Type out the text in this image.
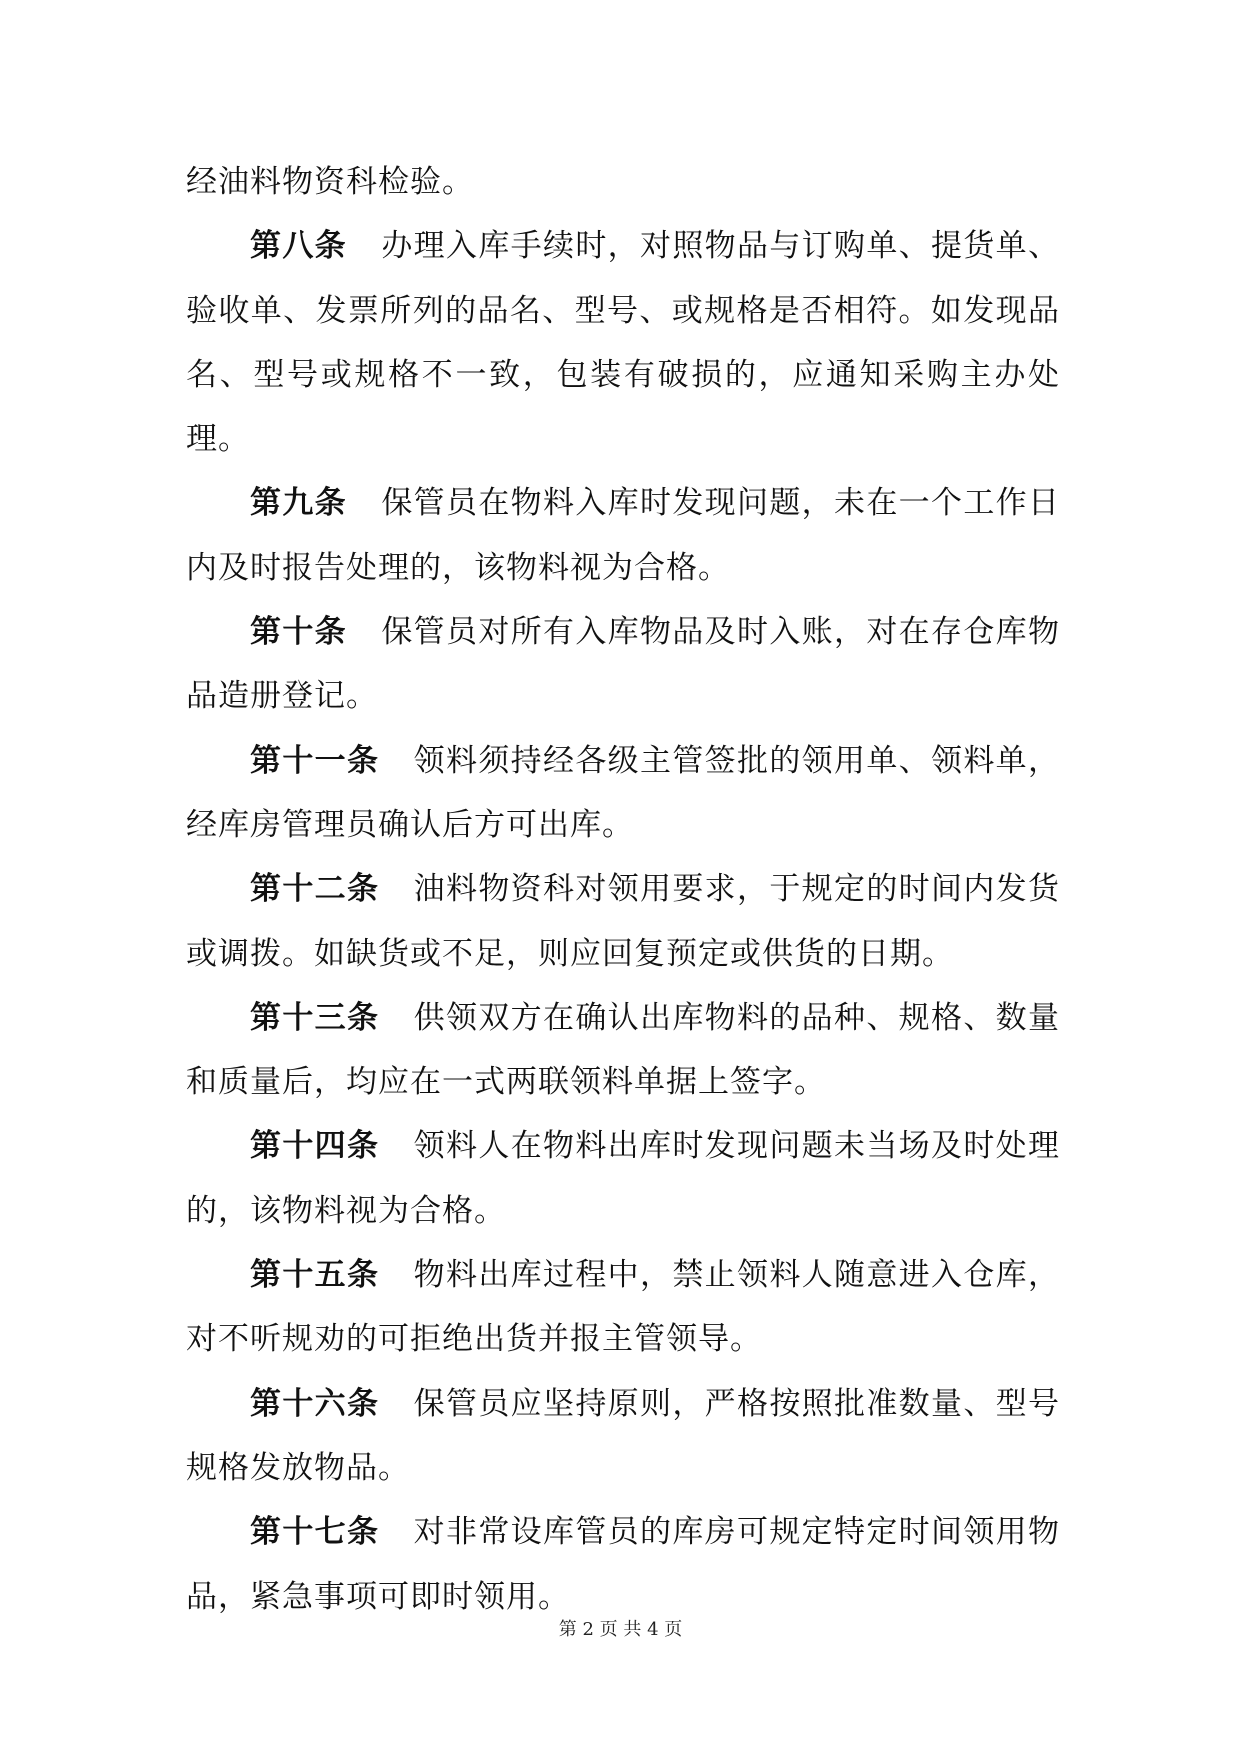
经油料物资科检验。

第八条 办理入库手续时，对照物品与订购单、提货单、验收单、发票所列的品名、型号、或规格是否相符。如发现品名、型号或规格不一致，包装有破损的，应通知采购主办处理。

第九条 保管员在物料入库时发现问题，未在一个工作日内及时报告处理的，该物料视为合格。

第十条 保管员对所有入库物品及时入账，对在存仓库物品造册登记。

第十一条 领料须持经各级主管签批的领用单、领料单，经库房管理员确认后方可出库。

第十二条 油料物资科对领用要求，于规定的时间内发货或调拨。如缺货或不足，则应回复预定或供货的日期。

第十三条 供领双方在确认出库物料的品种、规格、数量和质量后，均应在一式两联领料单据上签字。

第十四条 领料人在物料出库时发现问题未当场及时处理的，该物料视为合格。

第十五条 物料出库过程中，禁止领料人随意进入仓库，对不听规劝的可拒绝出货并报主管领导。

第十六条 保管员应坚持原则，严格按照批准数量、型号规格发放物品。

第十七条 对非常设库管员的库房可规定特定时间领用物品，紧急事项可即时领用。

第 2 页 共 4 页
